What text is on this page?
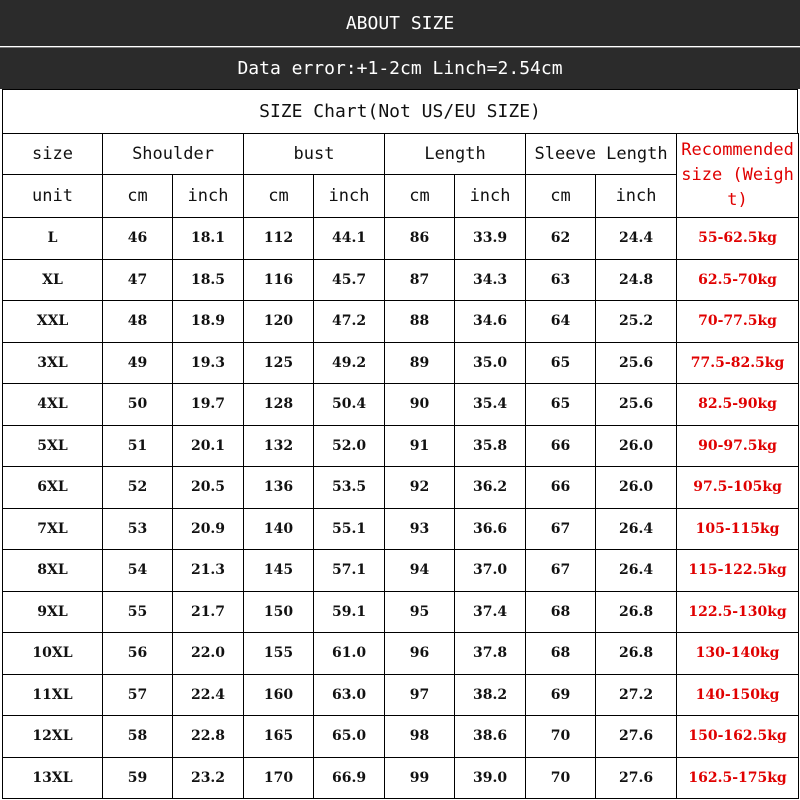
ABOUT SIZE
Data error:+1-2cm Linch=2.54cm
SIZE Chart(Not US/EU SIZE)
size	Shoulder		bust		Length		Sleeve Length		Recommended size (Weight)
unit	cm	inch	cm	inch	cm	inch	cm	inch	
L	46	18.1	112	44.1	86	33.9	62	24.4	55-62.5kg
XL	47	18.5	116	45.7	87	34.3	63	24.8	62.5-70kg
XXL	48	18.9	120	47.2	88	34.6	64	25.2	70-77.5kg
3XL	49	19.3	125	49.2	89	35.0	65	25.6	77.5-82.5kg
4XL	50	19.7	128	50.4	90	35.4	65	25.6	82.5-90kg
5XL	51	20.1	132	52.0	91	35.8	66	26.0	90-97.5kg
6XL	52	20.5	136	53.5	92	36.2	66	26.0	97.5-105kg
7XL	53	20.9	140	55.1	93	36.6	67	26.4	105-115kg
8XL	54	21.3	145	57.1	94	37.0	67	26.4	115-122.5kg
9XL	55	21.7	150	59.1	95	37.4	68	26.8	122.5-130kg
10XL	56	22.0	155	61.0	96	37.8	68	26.8	130-140kg
11XL	57	22.4	160	63.0	97	38.2	69	27.2	140-150kg
12XL	58	22.8	165	65.0	98	38.6	70	27.6	150-162.5kg
13XL	59	23.2	170	66.9	99	39.0	70	27.6	162.5-175kg
